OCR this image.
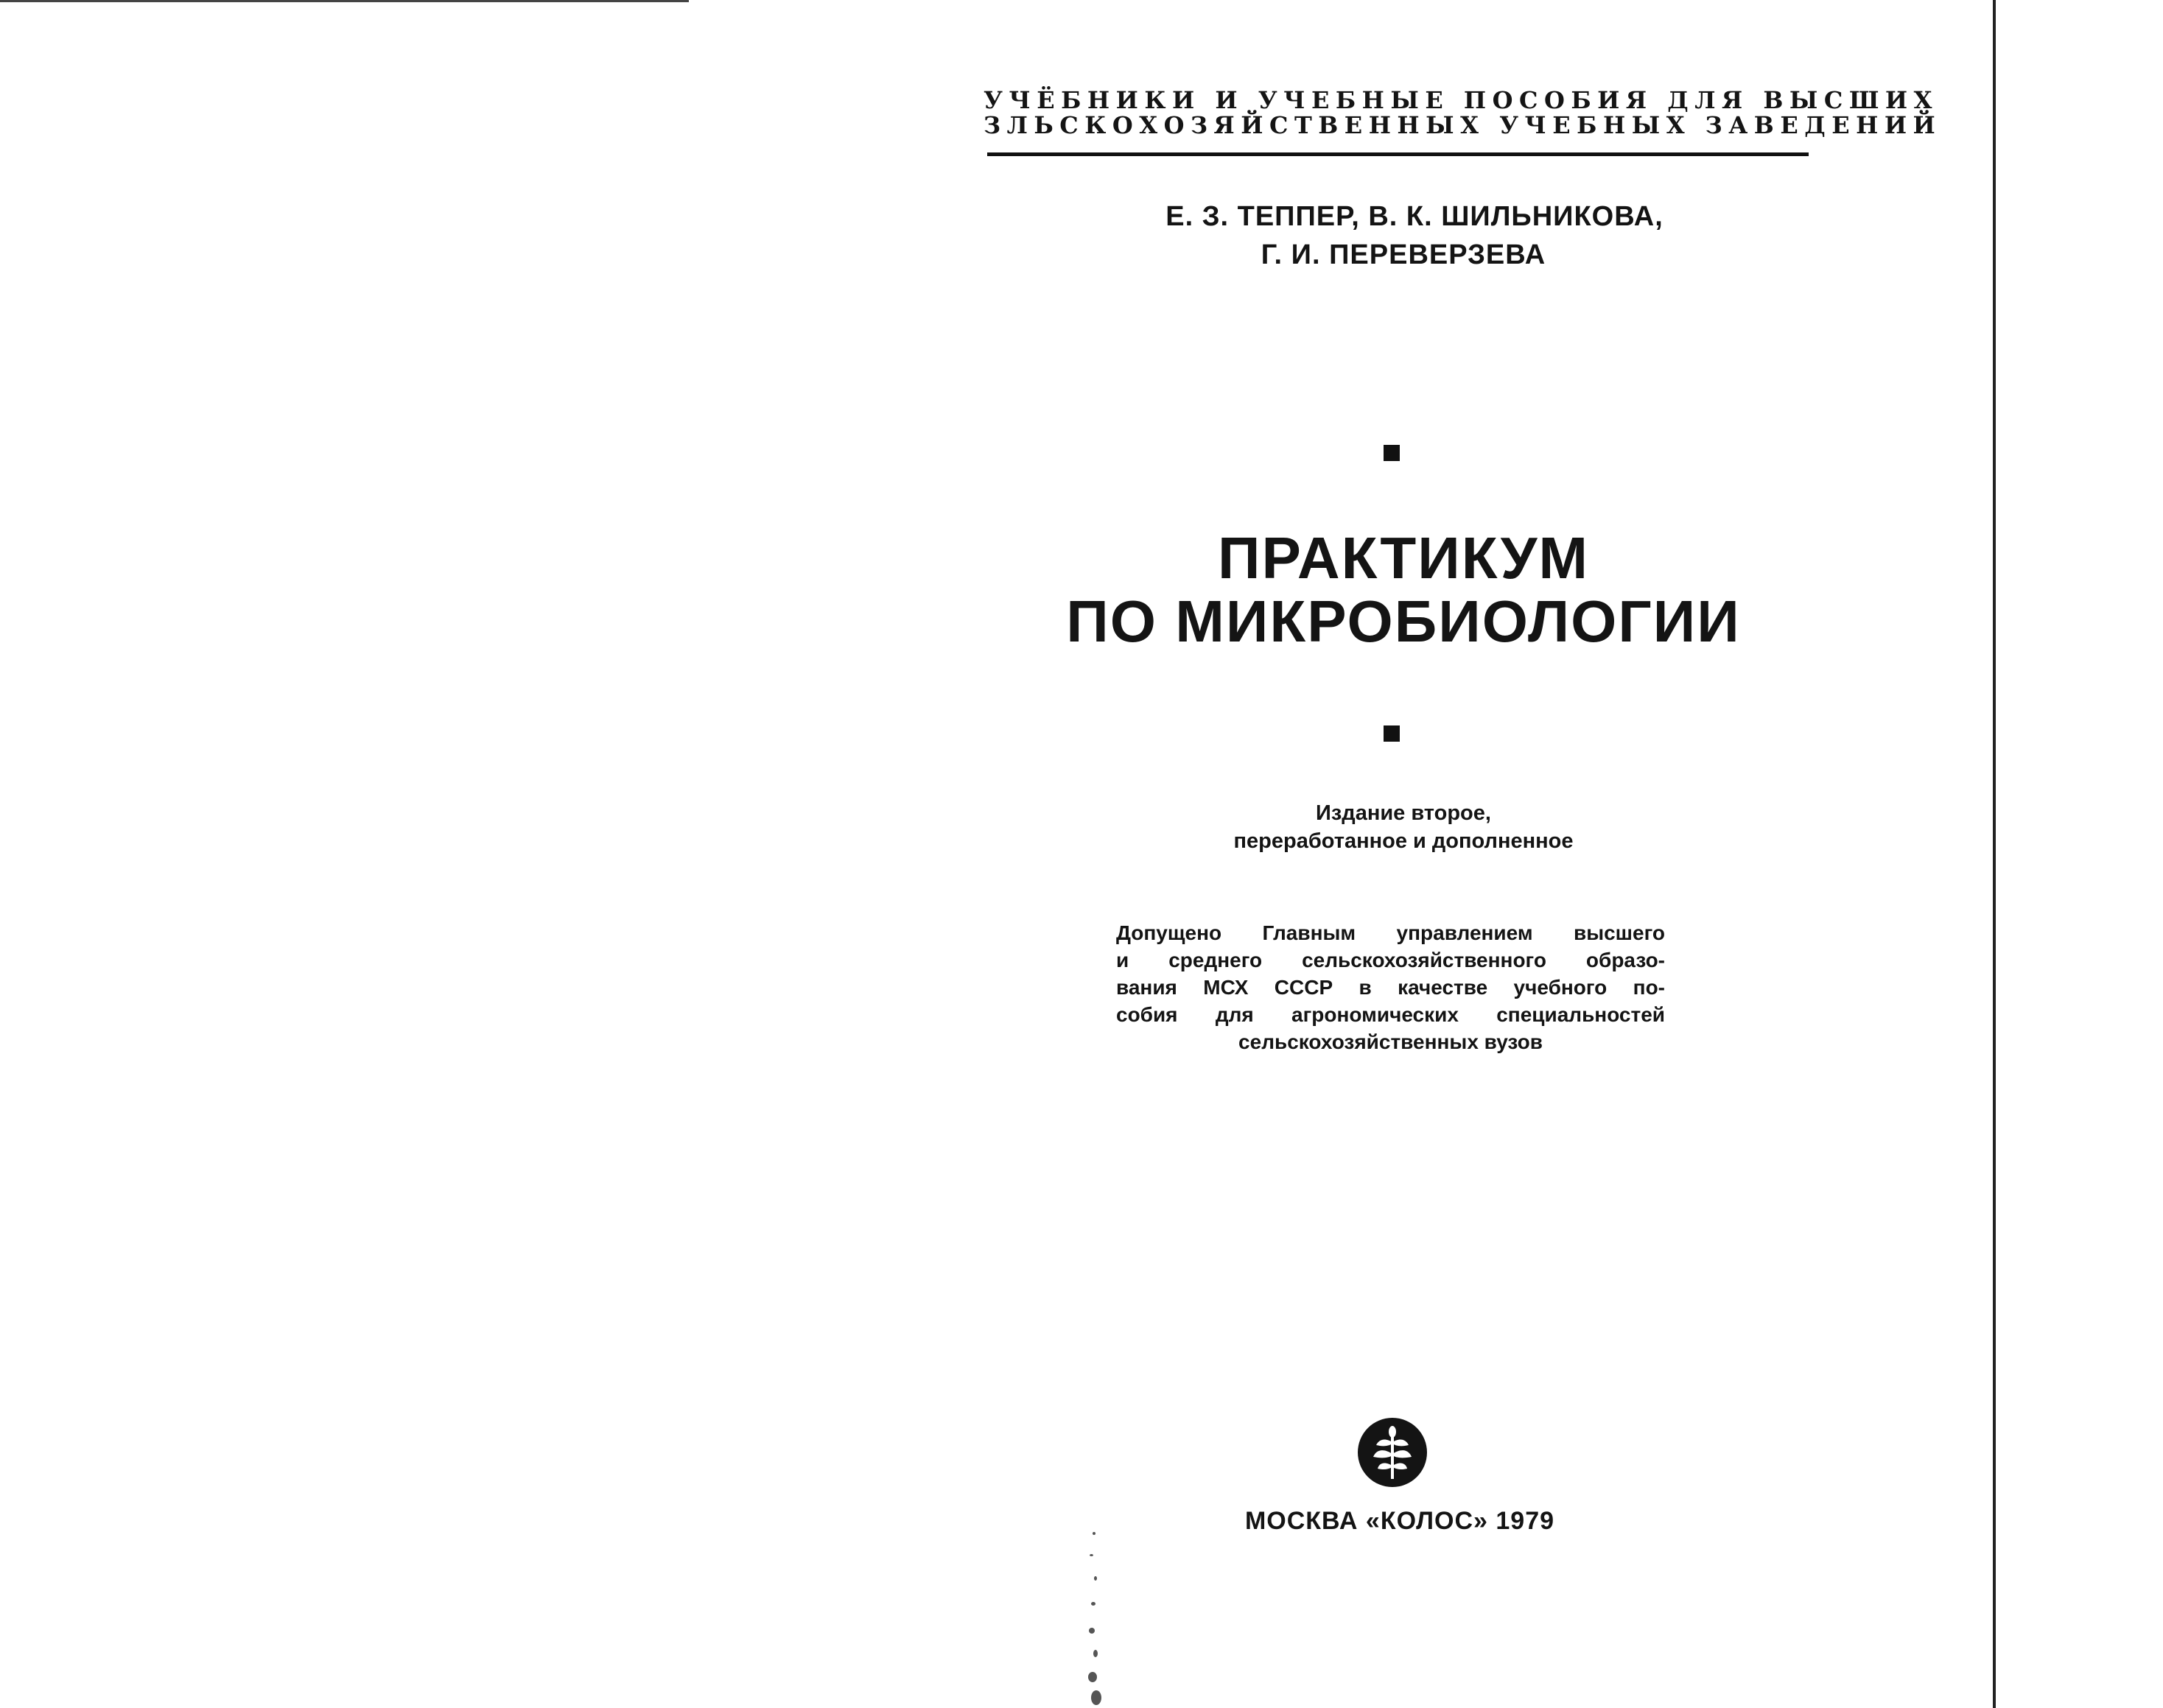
УЧЁБНИКИ И УЧЕБНЫЕ ПОСОБИЯ ДЛЯ ВЫСШИХ
ЗЛЬСКОХОЗЯЙСТВЕННЫХ УЧЕБНЫХ ЗАВЕДЕНИЙ
Е. З. ТЕППЕР, В. К. ШИЛЬНИКОВА,
Г. И. ПЕРЕВЕРЗЕВА
ПРАКТИКУМ
ПО МИКРОБИОЛОГИИ
Издание второе,
переработанное и дополненное
Допущено Главным управлением высшего
и среднего сельскохозяйственного образо-
вания МСХ СССР в качестве учебного по-
собия для агрономических специальностей
сельскохозяйственных вузов
МОСКВА «КОЛОС» 1979
